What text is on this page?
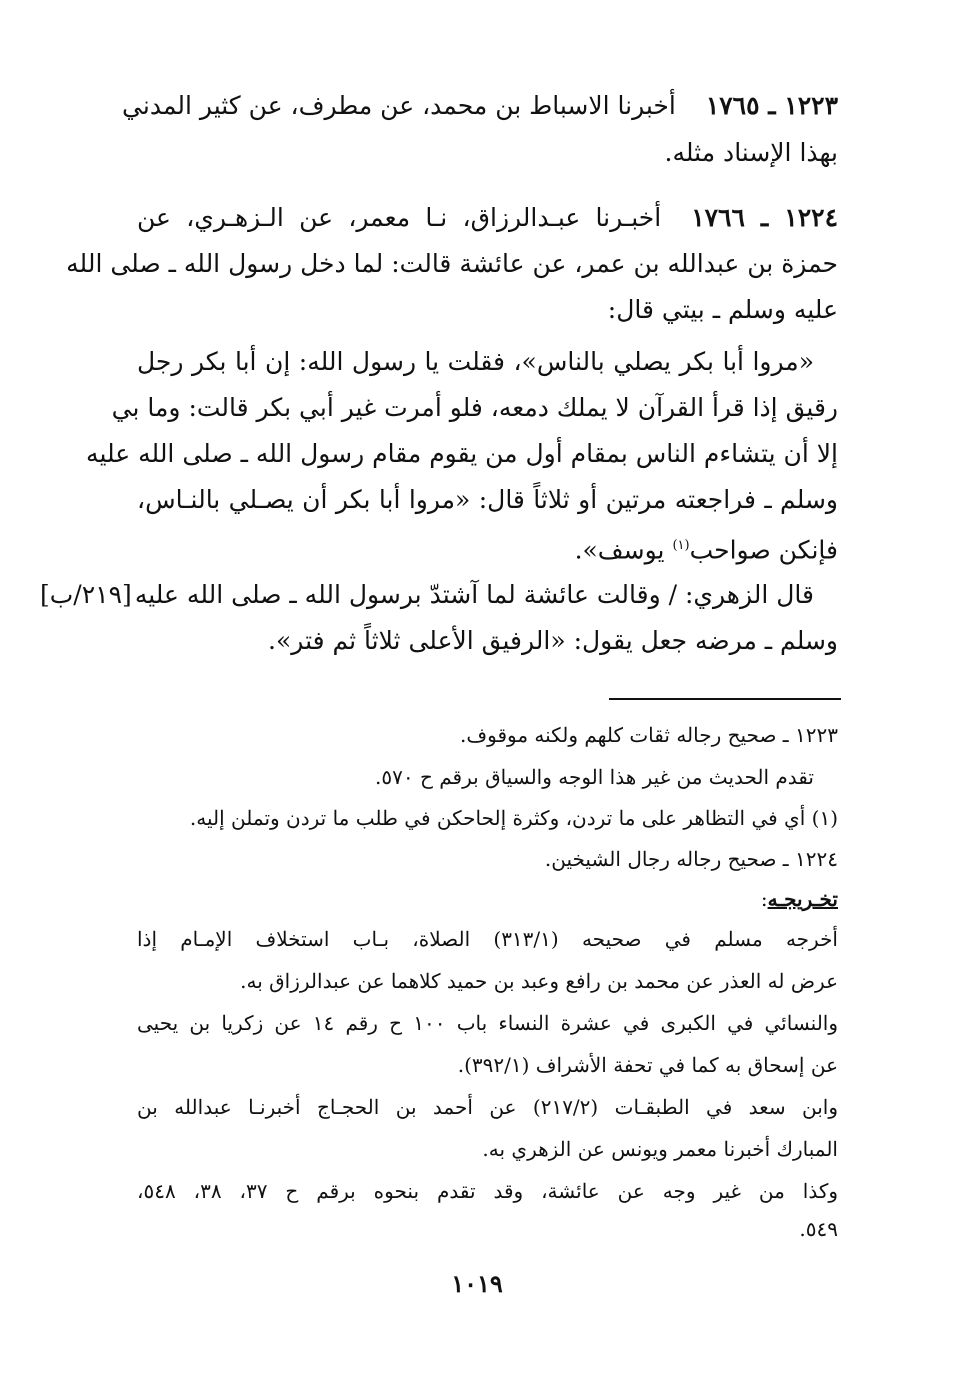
١٢٢٣ ـ ١٧٦٥أخبرنا الاسباط بن محمد، عن مطرف، عن كثير المدني
بهذا الإسناد مثله.
١٢٢٤ ـ ١٧٦٦أخبـرنا عبـدالرزاق، نـا معمر، عن الـزهـري، عن
حمزة بن عبدالله بن عمر، عن عائشة قالت: لما دخل رسول الله ـ صلى الله
عليه وسلم ـ بيتي قال:
«مروا أبا بكر يصلي بالناس»، فقلت يا رسول الله: إن أبا بكر رجل
رقيق إذا قرأ القرآن لا يملك دمعه، فلو أمرت غير أبي بكر قالت: وما بي
إلا أن يتشاءم الناس بمقام أول من يقوم مقام رسول الله ـ صلى الله عليه
وسلم ـ فراجعته مرتين أو ثلاثاً قال: «مروا أبا بكر أن يصـلي بالنـاس،
فإنكن صواحب$^{(١)}$ يوسف».
قال الزهري: / وقالت عائشة لما آشتدّ برسول الله ـ صلى الله عليه
[٢١٩/ب]
وسلم ـ مرضه جعل يقول: «الرفيق الأعلى ثلاثاً ثم فتر».
١٢٢٣ ـ صحيح رجاله ثقات كلهم ولكنه موقوف.
تقدم الحديث من غير هذا الوجه والسياق برقم ح ٥٧٠.
(١) أي في التظاهر على ما تردن، وكثرة إلحاحكن في طلب ما تردن وتملن إليه.
١٢٢٤ ـ صحيح رجاله رجال الشيخين.
تخـريجـه:
أخرجه مسلم في صحيحه (٣١٣/١) الصلاة، بـاب استخلاف الإمـام إذا
عرض له العذر عن محمد بن رافع وعبد بن حميد كلاهما عن عبدالرزاق به.
والنسائي في الكبرى في عشرة النساء باب ١٠٠ ح رقم ١٤ عن زكريا بن يحيى
عن إسحاق به كما في تحفة الأشراف (٣٩٢/١).
وابن سعد في الطبقـات (٢١٧/٢) عن أحمد بن الحجـاج أخبرنـا عبدالله بن
المبارك أخبرنا معمر ويونس عن الزهري به.
وكذا من غير وجه عن عائشة، وقد تقدم بنحوه برقم ح ٣٧، ٣٨، ٥٤٨،
٥٤٩.
١٠١٩
